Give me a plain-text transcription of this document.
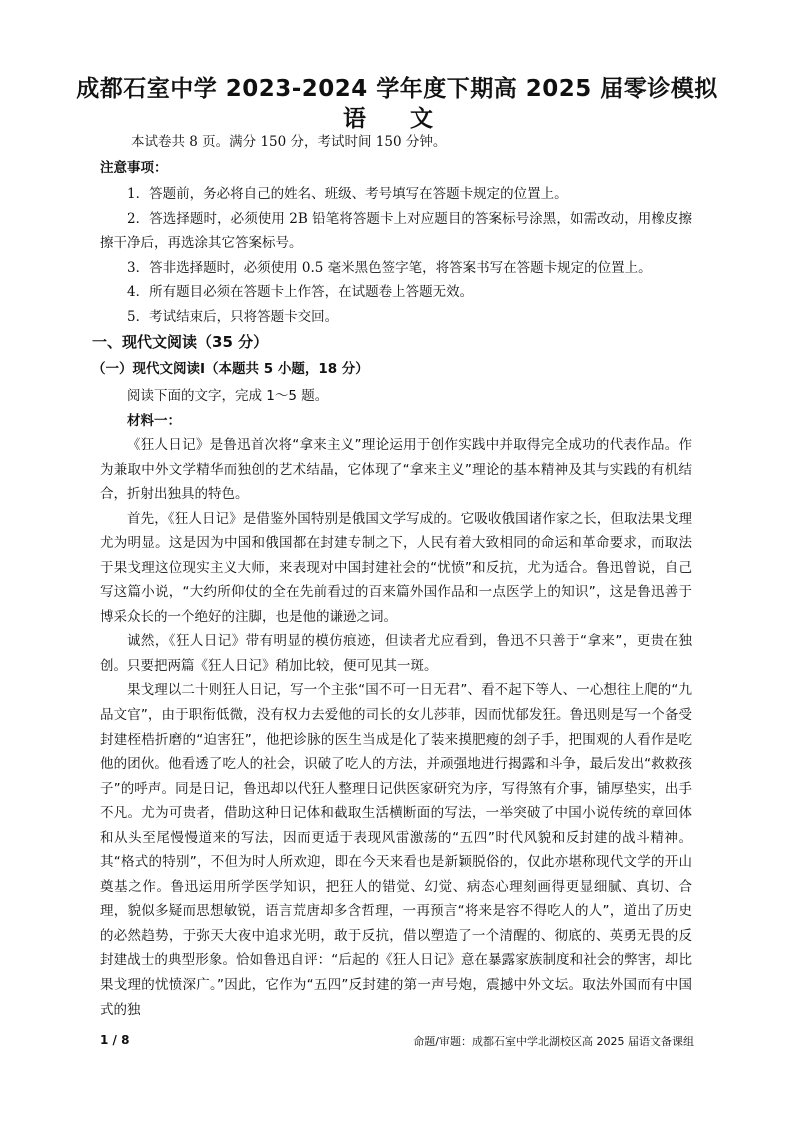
成都石室中学 2023-2024 学年度下期高 2025 届零诊模拟
语 文
本试卷共 8 页。满分 150 分，考试时间 150 分钟。
注意事项：

1．答题前，务必将自己的姓名、班级、考号填写在答题卡规定的位置上。

2．答选择题时，必须使用 2B 铅笔将答题卡上对应题目的答案标号涂黑，如需改动，用橡皮擦擦干净后，再选涂其它答案标号。

3．答非选择题时，必须使用 0.5 毫米黑色签字笔，将答案书写在答题卡规定的位置上。

4．所有题目必须在答题卡上作答，在试题卷上答题无效。

5．考试结束后，只将答题卡交回。

一、现代文阅读（35 分）
（一）现代文阅读Ⅰ（本题共 5 小题，18 分）

阅读下面的文字，完成 1～5 题。

材料一：

《狂人日记》是鲁迅首次将“拿来主义”理论运用于创作实践中并取得完全成功的代表作品。作为兼取中外文学精华而独创的艺术结晶，它体现了“拿来主义”理论的基本精神及其与实践的有机结合，折射出独具的特色。

首先，《狂人日记》是借鉴外国特别是俄国文学写成的。它吸收俄国诸作家之长，但取法果戈理尤为明显。这是因为中国和俄国都在封建专制之下，人民有着大致相同的命运和革命要求，而取法于果戈理这位现实主义大师，来表现对中国封建社会的“忧愤”和反抗，尤为适合。鲁迅曾说，自己写这篇小说，“大约所仰仗的全在先前看过的百来篇外国作品和一点医学上的知识”，这是鲁迅善于博采众长的一个绝好的注脚，也是他的谦逊之词。

诚然，《狂人日记》带有明显的模仿痕迹，但读者尤应看到，鲁迅不只善于“拿来”，更贵在独创。只要把两篇《狂人日记》稍加比较，便可见其一斑。

果戈理以二十则狂人日记，写一个主张“国不可一日无君”、看不起下等人、一心想往上爬的“九品文官”，由于职衔低微，没有权力去爱他的司长的女儿莎菲，因而忧郁发狂。鲁迅则是写一个备受封建桎梏折磨的“迫害狂”，他把诊脉的医生当成是化了装来摸肥瘦的刽子手，把围观的人看作是吃他的团伙。他看透了吃人的社会，识破了吃人的方法，并顽强地进行揭露和斗争，最后发出“救救孩子”的呼声。同是日记，鲁迅却以代狂人整理日记供医家研究为序，写得煞有介事，铺厚垫实，出手不凡。尤为可贵者，借助这种日记体和截取生活横断面的写法，一举突破了中国小说传统的章回体和从头至尾慢慢道来的写法，因而更适于表现风雷激荡的“五四”时代风貌和反封建的战斗精神。其“格式的特别”，不但为时人所欢迎，即在今天来看也是新颖脱俗的，仅此亦堪称现代文学的开山奠基之作。鲁迅运用所学医学知识，把狂人的错觉、幻觉、病态心理刻画得更显细腻、真切、合理，貌似多疑而思想敏锐，语言荒唐却多含哲理，一再预言“将来是容不得吃人的人”，道出了历史的必然趋势，于弥天大夜中追求光明，敢于反抗，借以塑造了一个清醒的、彻底的、英勇无畏的反封建战士的典型形象。恰如鲁迅自评：“后起的《狂人日记》意在暴露家族制度和社会的弊害，却比果戈理的忧愤深广。”因此，它作为“五四”反封建的第一声号炮，震撼中外文坛。取法外国而有中国式的独

1 / 8	命题/审题：成都石室中学北湖校区高 2025 届语文备课组
